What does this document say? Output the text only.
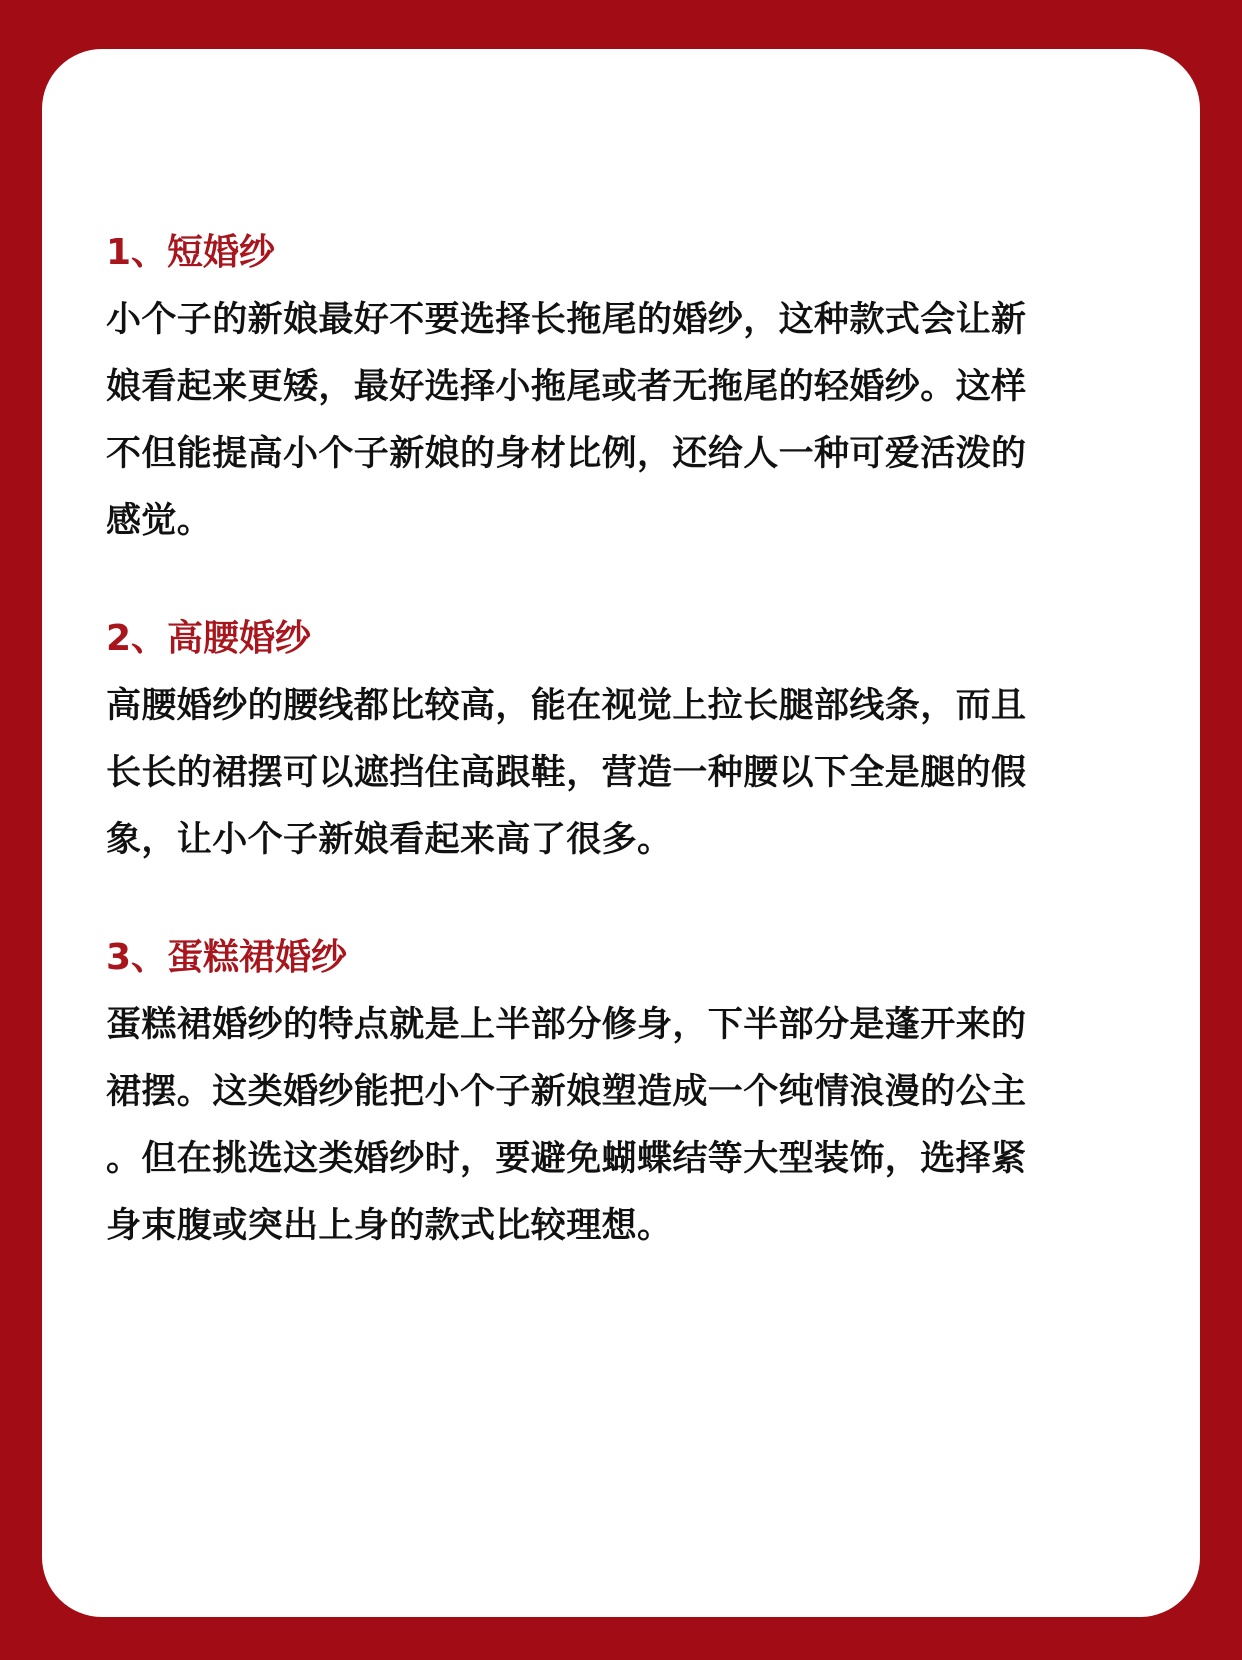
1、短婚纱
小个子的新娘最好不要选择长拖尾的婚纱，这种款式会让新
娘看起来更矮，最好选择小拖尾或者无拖尾的轻婚纱。这样
不但能提高小个子新娘的身材比例，还给人一种可爱活泼的
感觉。
2、高腰婚纱
高腰婚纱的腰线都比较高，能在视觉上拉长腿部线条，而且
长长的裙摆可以遮挡住高跟鞋，营造一种腰以下全是腿的假
象，让小个子新娘看起来高了很多。
3、蛋糕裙婚纱
蛋糕裙婚纱的特点就是上半部分修身，下半部分是蓬开来的
裙摆。这类婚纱能把小个子新娘塑造成一个纯情浪漫的公主
。但在挑选这类婚纱时，要避免蝴蝶结等大型装饰，选择紧
身束腹或突出上身的款式比较理想。
